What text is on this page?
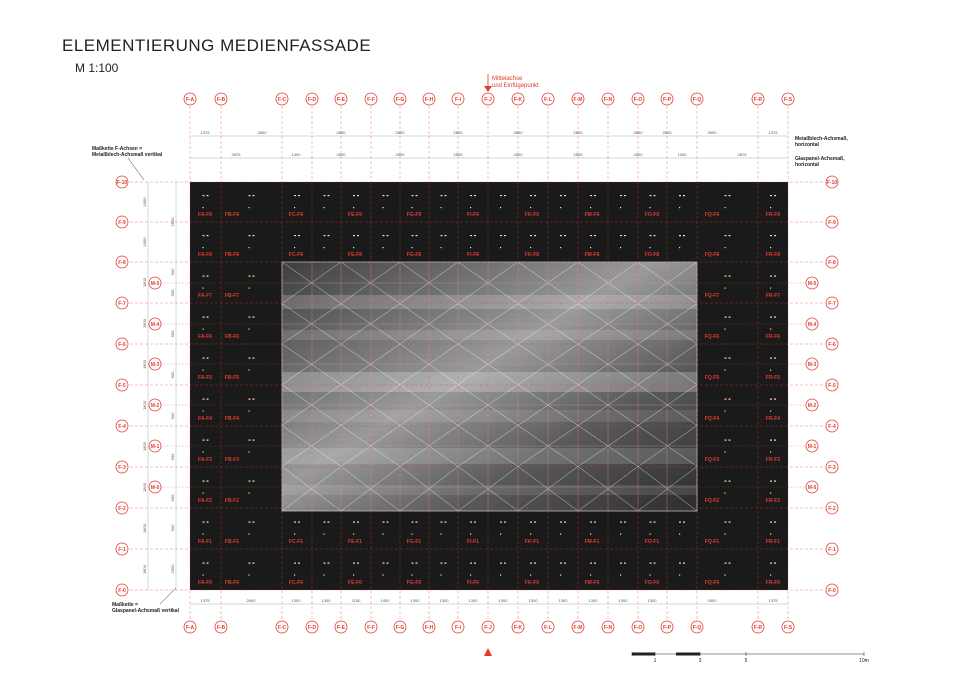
ELEMENTIERUNG MEDIENFASSADE
M 1:100
F-A
F-A
F-B
F-B
F-C
F-C
F-D
F-D
F-E
F-E
F-F
F-F
F-G
F-G
F-H
F-H
F-I
F-I
F-J
F-J
F-K
F-K
F-L
F-L
F-M
F-M
F-N
F-N
F-O
F-O
F-P
F-P
F-Q
F-Q
F-R
F-R
F-S
F-S
F-10	F-10
F-9	F-9
F-8	F-8
F-7	F-7
F-6	F-6
F-5	F-5
F-4	F-4
F-3	F-3
F-2	F-2
F-1	F-1
F-0	F-0
M-5	M-5
M-4	M-4
M-3	M-3
M-2	M-2
M-1	M-1
M-0	M-0
FA-F0	FB-F0	FC-F0	FE-F0	FG-F0	FI-F0	FK-F0	FM-F0	FO-F0	FQ-F0	FR-F0
FA-F1	FB-F1	FC-F1	FE-F1	FG-F1	FI-F1	FK-F1	FM-F1	FO-F1	FQ-F1	FR-F1
FA-F2	FB-F2	FQ-F2	FR-F2
FA-F3	FB-F3	FQ-F3	FR-F3
FA-F4	FB-F4	FQ-F4	FR-F4
FA-F5	FB-F5	FQ-F5	FR-F5
FA-F6	FB-F6	FQ-F6	FR-F6
FA-F7	FB-F7	FQ-F7	FR-F7
FA-F8	FB-F8	FC-F8	FE-F8	FG-F8	FI-F8	FK-F8	FM-F8	FO-F8	FQ-F8	FR-F8
FA-F9	FB-F9	FC-F9	FE-F9	FG-F9	FI-F9	FK-F9	FM-F9	FO-F9	FQ-F9	FR-F9
1375	2600	2600	2600	2600	2600	2600	2600	2600	2600	1375
2875	1300	2600	2600	2600	2600	2600	2600	1300	2875
1375	2600	1300	1300	1150	1450	1300	1300	1300	1300	1300	1300	1300	1300	1300	2600	1375
1800
1800
1800
1800
1800
1800
1800
1800
1800
1800
2600
900
900
900
900
900
900
900
900
2600
Metallblech-Achsmaß,
horizontal
Glaspanel-Achsmaß,
horizontal
Maßkette F-Achsen =
Metallblech-Achsmaß vertikal
Maßkette =
Glaspanel-Achsmaß vertikal
Mittelachse
und Einfügepunkt
1	3	5	10m
